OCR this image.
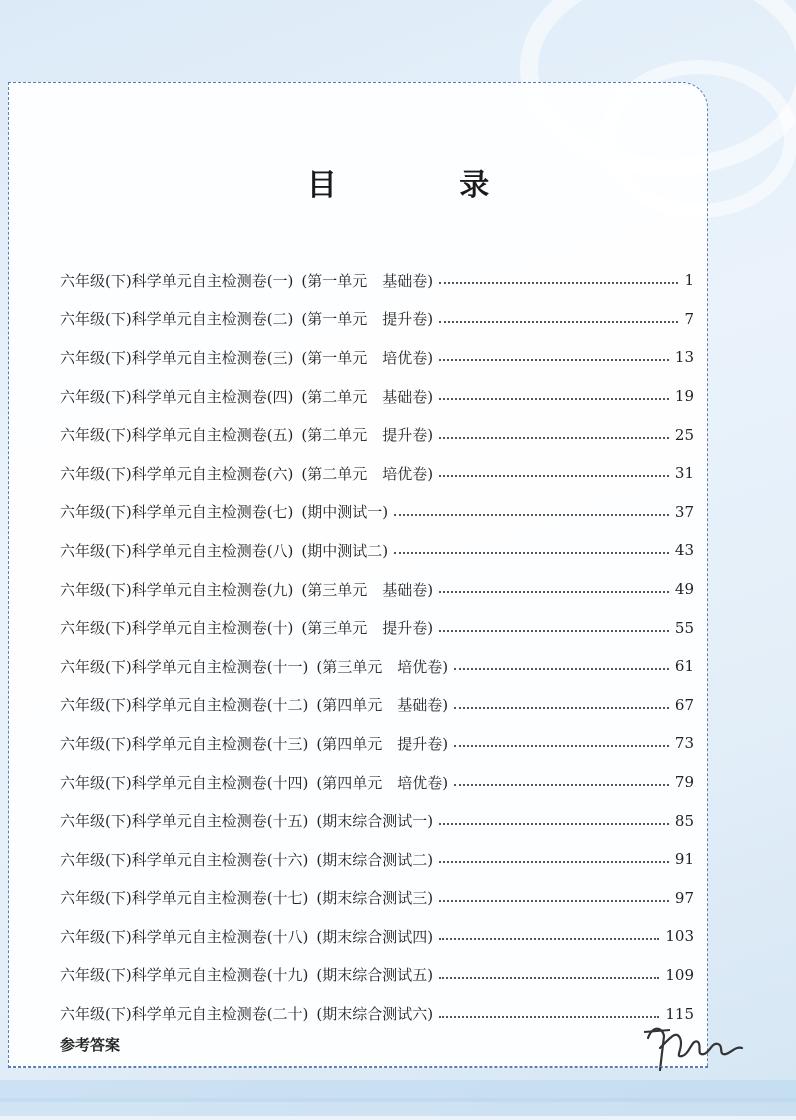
目 录
六年级(下)科学单元自主检测卷(一) (第一单元　基础卷)	1
六年级(下)科学单元自主检测卷(二) (第一单元　提升卷)	7
六年级(下)科学单元自主检测卷(三) (第一单元　培优卷)	13
六年级(下)科学单元自主检测卷(四) (第二单元　基础卷)	19
六年级(下)科学单元自主检测卷(五) (第二单元　提升卷)	25
六年级(下)科学单元自主检测卷(六) (第二单元　培优卷)	31
六年级(下)科学单元自主检测卷(七) (期中测试一)	37
六年级(下)科学单元自主检测卷(八) (期中测试二)	43
六年级(下)科学单元自主检测卷(九) (第三单元　基础卷)	49
六年级(下)科学单元自主检测卷(十) (第三单元　提升卷)	55
六年级(下)科学单元自主检测卷(十一) (第三单元　培优卷)	61
六年级(下)科学单元自主检测卷(十二) (第四单元　基础卷)	67
六年级(下)科学单元自主检测卷(十三) (第四单元　提升卷)	73
六年级(下)科学单元自主检测卷(十四) (第四单元　培优卷)	79
六年级(下)科学单元自主检测卷(十五) (期末综合测试一)	85
六年级(下)科学单元自主检测卷(十六) (期末综合测试二)	91
六年级(下)科学单元自主检测卷(十七) (期末综合测试三)	97
六年级(下)科学单元自主检测卷(十八) (期末综合测试四)	103
六年级(下)科学单元自主检测卷(十九) (期末综合测试五)	109
六年级(下)科学单元自主检测卷(二十) (期末综合测试六)	115
参考答案
